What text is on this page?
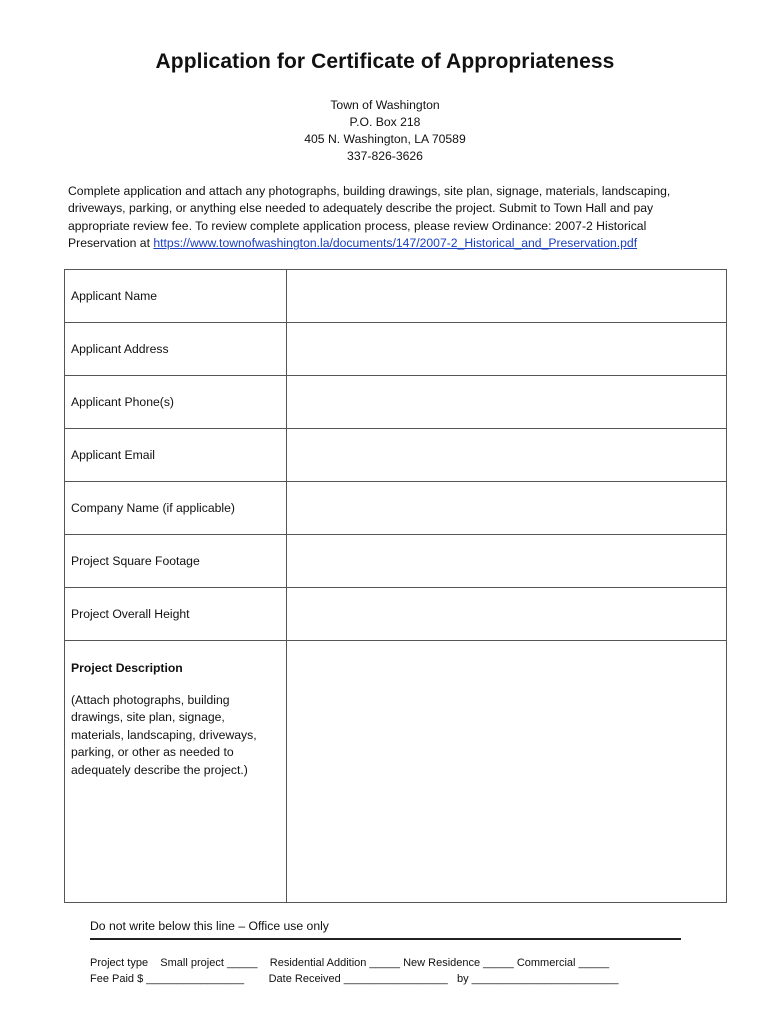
Application for Certificate of Appropriateness
Town of Washington
P.O. Box 218
405 N. Washington, LA 70589
337-826-3626
Complete application and attach any photographs, building drawings, site plan, signage, materials, landscaping, driveways, parking, or anything else needed to adequately describe the project. Submit to Town Hall and pay appropriate review fee. To review complete application process, please review Ordinance: 2007-2 Historical Preservation at https://www.townofwashington.la/documents/147/2007-2_Historical_and_Preservation.pdf
Applicant Name	
Applicant Address	
Applicant Phone(s)	
Applicant Email	
Company Name (if applicable)	
Project Square Footage	
Project Overall Height	

Project Description
(Attach photographs, building drawings, site plan, signage, materials, landscaping, driveways, parking, or other as needed to adequately describe the project.)	

Do not write below this line – Office use only
Project type    Small project _____    Residential Addition _____ New Residence _____ Commercial _____
Fee Paid $ ________________        Date Received _________________   by ________________________
